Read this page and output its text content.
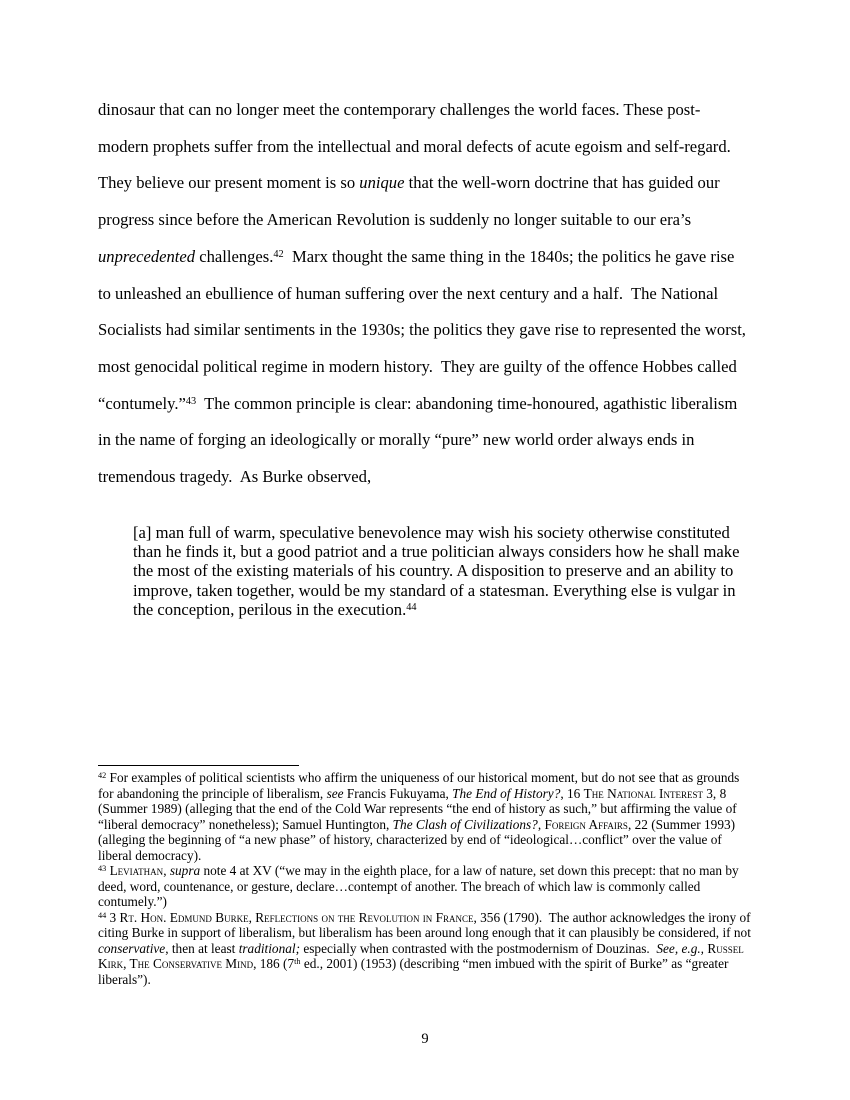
dinosaur that can no longer meet the contemporary challenges the world faces. These post-modern prophets suffer from the intellectual and moral defects of acute egoism and self-regard. They believe our present moment is so unique that the well-worn doctrine that has guided our progress since before the American Revolution is suddenly no longer suitable to our era’s unprecedented challenges.$^{42}$  Marx thought the same thing in the 1840s; the politics he gave rise to unleashed an ebullience of human suffering over the next century and a half.  The National Socialists had similar sentiments in the 1930s; the politics they gave rise to represented the worst, most genocidal political regime in modern history.  They are guilty of the offence Hobbes called “contumely.”$^{43}$  The common principle is clear: abandoning time-honoured, agathistic liberalism in the name of forging an ideologically or morally “pure” new world order always ends in tremendous tragedy.  As Burke observed,

[a] man full of warm, speculative benevolence may wish his society otherwise constituted than he finds it, but a good patriot and a true politician always considers how he shall make the most of the existing materials of his country. A disposition to preserve and an ability to improve, taken together, would be my standard of a statesman. Everything else is vulgar in the conception, perilous in the execution.$^{44}$
$^{42}$ For examples of political scientists who affirm the uniqueness of our historical moment, but do not see that as grounds for abandoning the principle of liberalism, see Francis Fukuyama, The End of History?, 16 The National Interest 3, 8 (Summer 1989) (alleging that the end of the Cold War represents “the end of history as such,” but affirming the value of “liberal democracy” nonetheless); Samuel Huntington, The Clash of Civilizations?, Foreign Affairs, 22 (Summer 1993) (alleging the beginning of “a new phase” of history, characterized by end of “ideological…conflict” over the value of liberal democracy).
$^{43}$ Leviathan, supra note 4 at XV (“we may in the eighth place, for a law of nature, set down this precept: that no man by deed, word, countenance, or gesture, declare…contempt of another. The breach of which law is commonly called contumely.”)
$^{44}$ 3 Rt. Hon. Edmund Burke, Reflections on the Revolution in France, 356 (1790).  The author acknowledges the irony of citing Burke in support of liberalism, but liberalism has been around long enough that it can plausibly be considered, if not conservative, then at least traditional; especially when contrasted with the postmodernism of Douzinas.  See, e.g., Russel Kirk, The Conservative Mind, 186 (7th ed., 2001) (1953) (describing “men imbued with the spirit of Burke” as “greater liberals”).
9
